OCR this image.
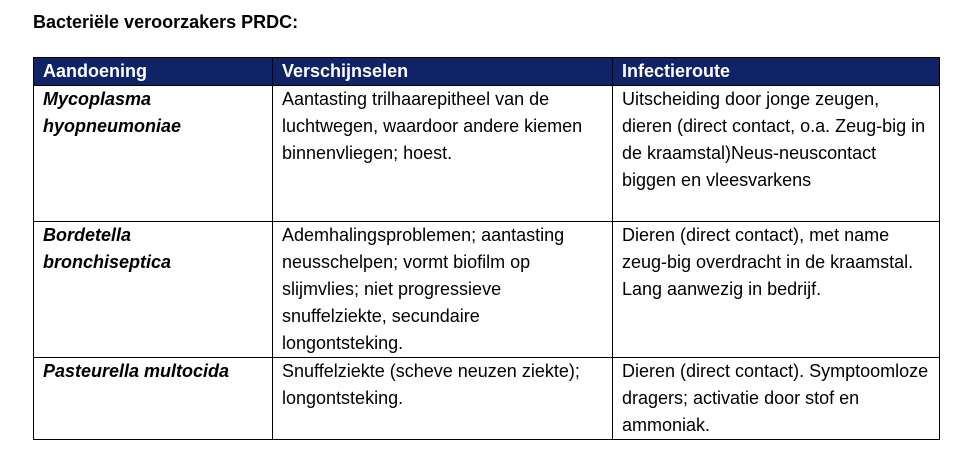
Bacteriële veroorzakers PRDC:
Aandoening	Verschijnselen	Infectieroute
Mycoplasma hyopneumoniae	Aantasting trilhaarepitheel van de luchtwegen, waardoor andere kiemen binnenvliegen; hoest.	Uitscheiding door jonge zeugen, dieren (direct contact, o.a. Zeug-big in de kraamstal)Neus-neuscontact biggen en vleesvarkens
Bordetella bronchiseptica	Ademhalingsproblemen; aantasting neusschelpen; vormt biofilm op slijmvlies; niet progressieve snuffelziekte, secundaire longontsteking.	Dieren (direct contact), met name zeug-big overdracht in de kraamstal. Lang aanwezig in bedrijf.
Pasteurella multocida	Snuffelziekte (scheve neuzen ziekte); longontsteking.	Dieren (direct contact). Symptoomloze dragers; activatie door stof en ammoniak.
